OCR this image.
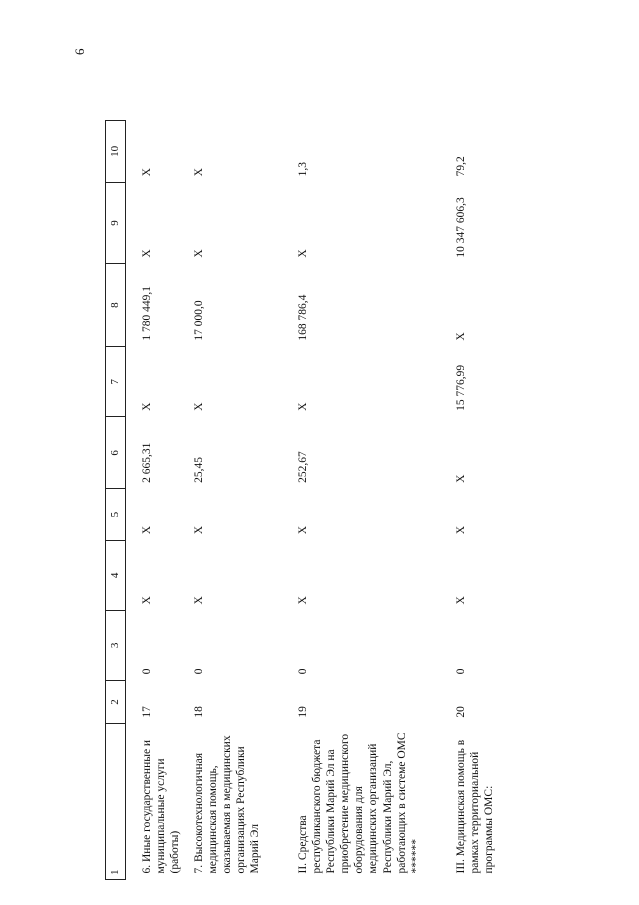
6
1	2	3	4	5	6	7	8	9	10
6. Иные государственные и муниципальные услуги (работы)	17	0	X	X	2 665,31	X	1 780 449,1	X	X
7. Высокотехнологичная медицинская помощь, оказываемая в медицинских организациях Республики Марий Эл	18	0	X	X	25,45	X	17 000,0	X	X
II. Средства республиканского бюджета Республики Марий Эл на приобретение медицинского оборудования для медицинских организаций Республики Марий Эл, работающих в системе ОМС ******	19	0	X	X	252,67	X	168 786,4	X	1,3
III. Медицинская помощь в рамках территориальной программы ОМС:	20	0	X	X	X	15 776,99	X	10 347 606,3	79,2
